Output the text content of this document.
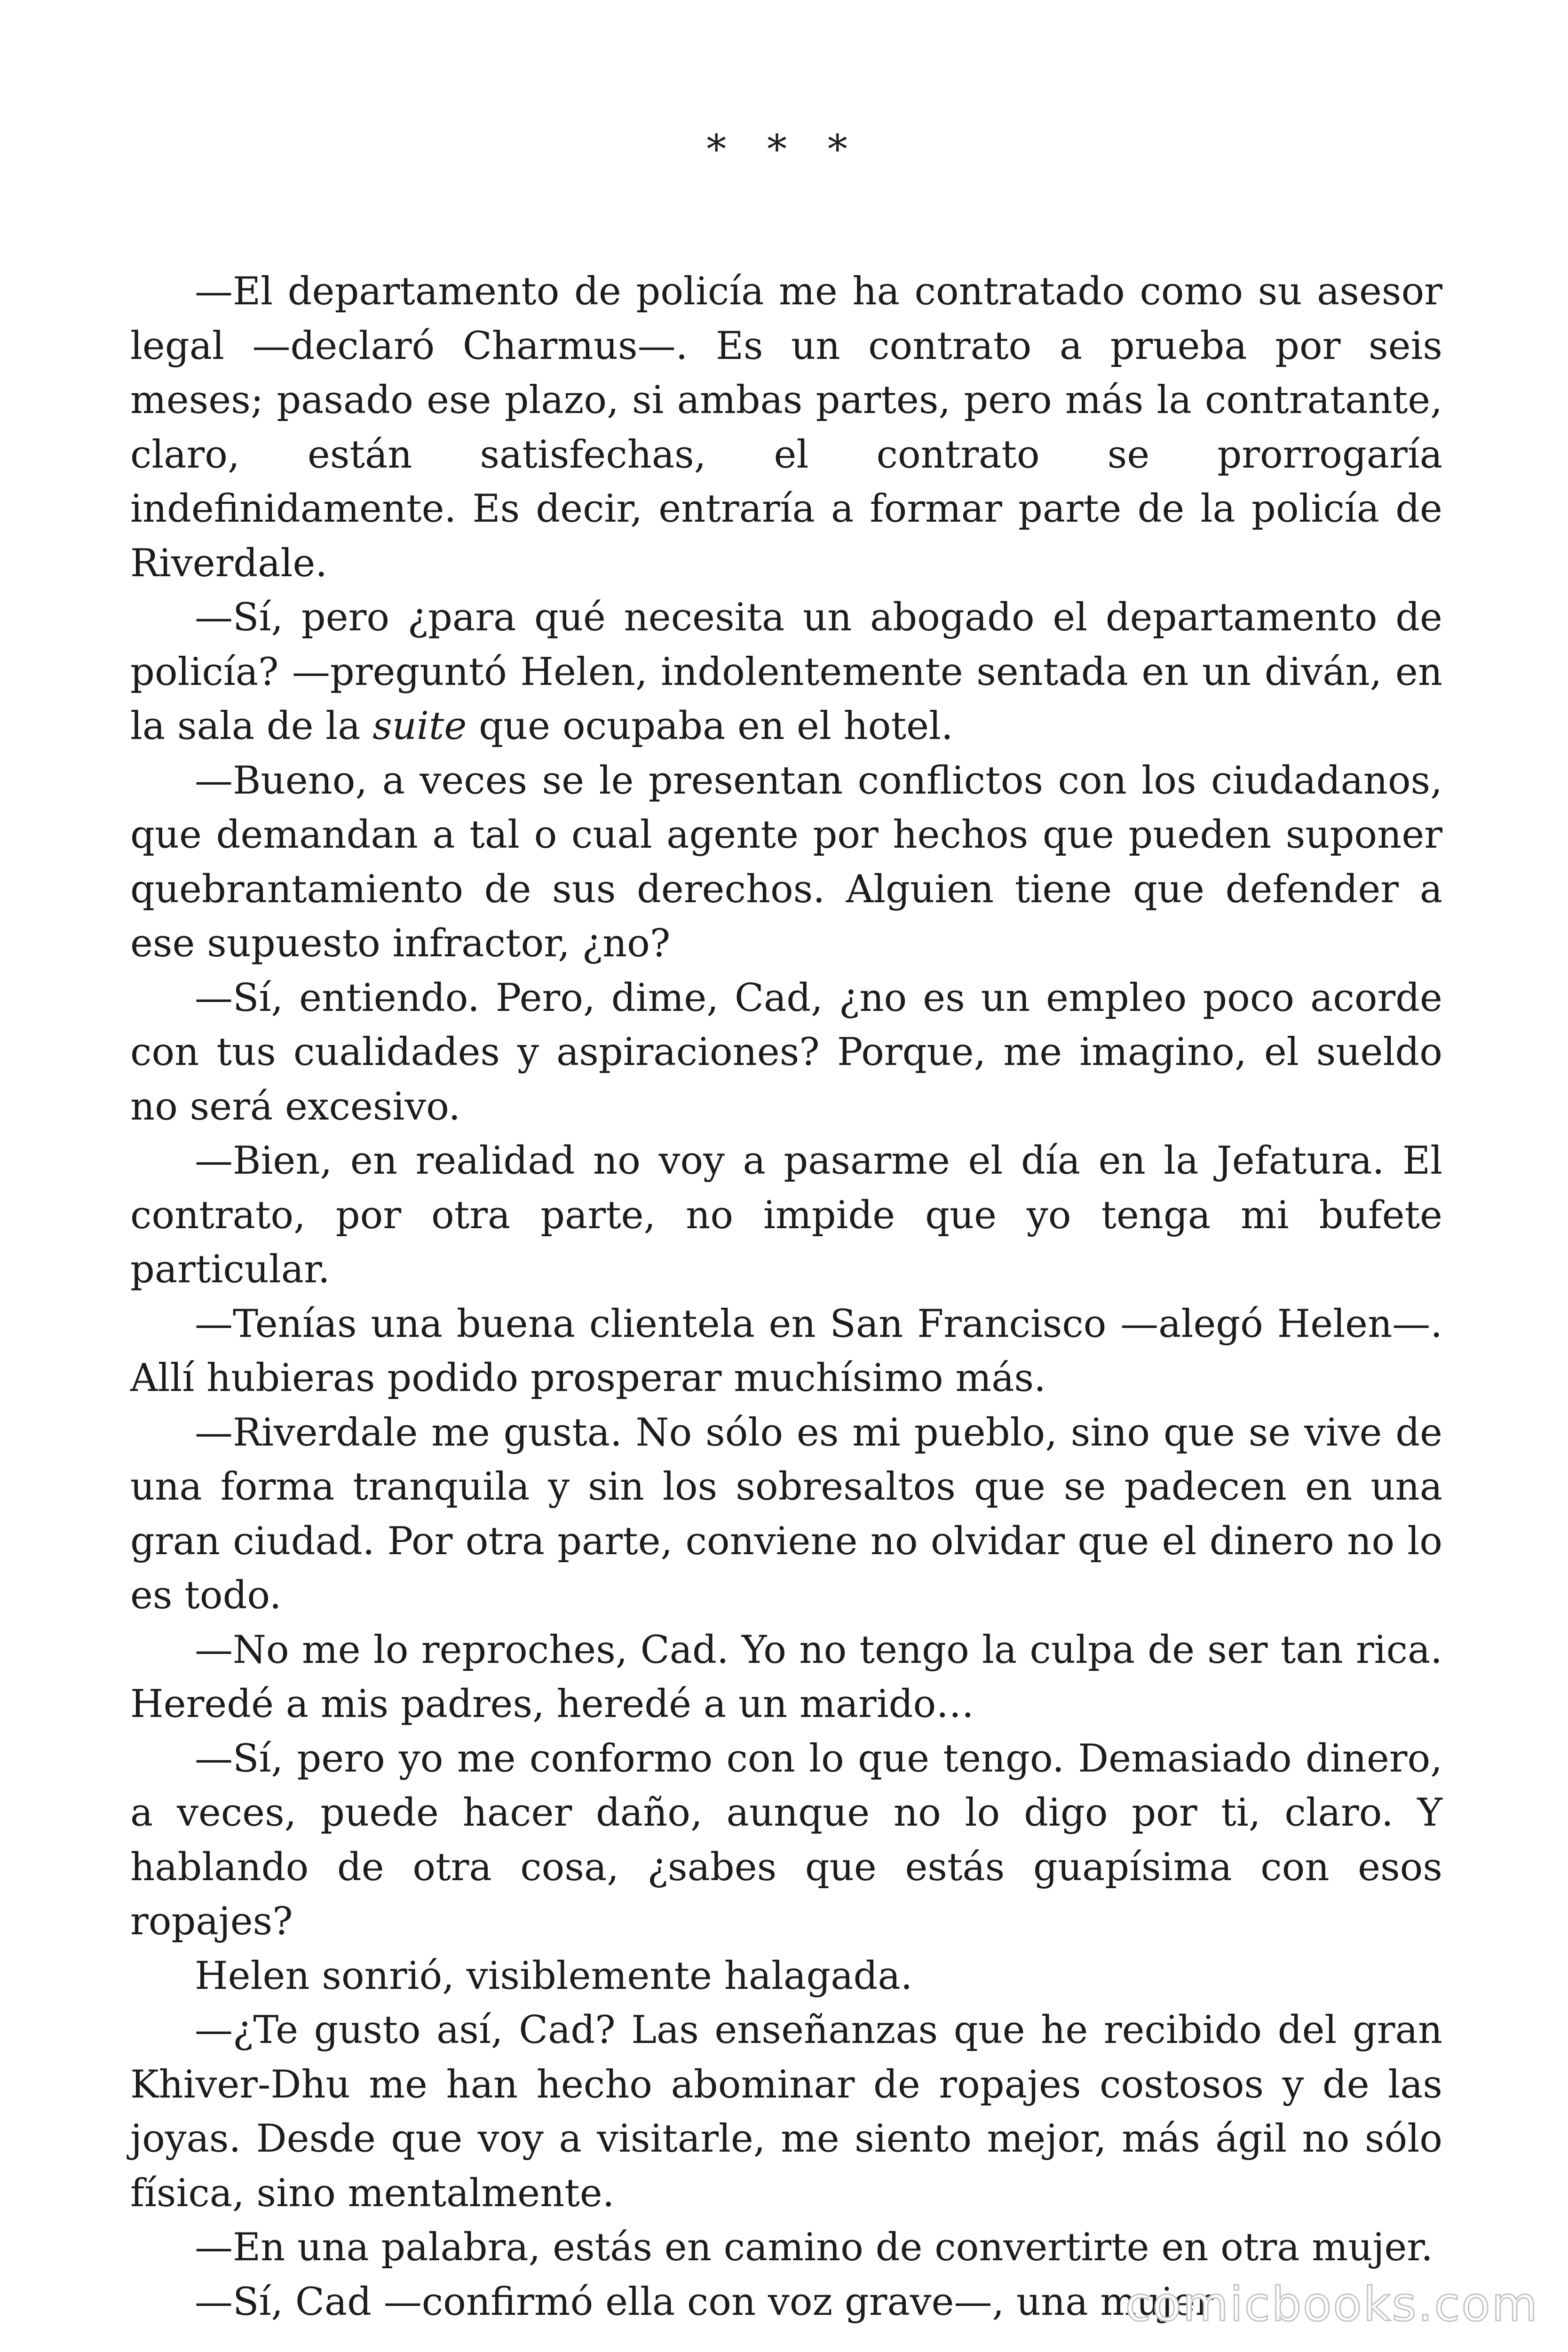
* * *

—El departamento de policía me ha contratado como su asesor legal —declaró Charmus—. Es un contrato a prueba por seis meses; pasado ese plazo, si ambas partes, pero más la contratante, claro, están satisfechas, el contrato se prorrogaría indefinidamente. Es decir, entraría a formar parte de la policía de Riverdale.

—Sí, pero ¿para qué necesita un abogado el departamento de policía? —preguntó Helen, indolentemente sentada en un diván, en la sala de la suite que ocupaba en el hotel.

—Bueno, a veces se le presentan conflictos con los ciudadanos, que demandan a tal o cual agente por hechos que pueden suponer quebrantamiento de sus derechos. Alguien tiene que defender a ese supuesto infractor, ¿no?

—Sí, entiendo. Pero, dime, Cad, ¿no es un empleo poco acorde con tus cualidades y aspiraciones? Porque, me imagino, el sueldo no será excesivo.

—Bien, en realidad no voy a pasarme el día en la Jefatura. El contrato, por otra parte, no impide que yo tenga mi bufete particular.

—Tenías una buena clientela en San Francisco —alegó Helen—. Allí hubieras podido prosperar muchísimo más.

—Riverdale me gusta. No sólo es mi pueblo, sino que se vive de una forma tranquila y sin los sobresaltos que se padecen en una gran ciudad. Por otra parte, conviene no olvidar que el dinero no lo es todo.

—No me lo reproches, Cad. Yo no tengo la culpa de ser tan rica. Heredé a mis padres, heredé a un marido…

—Sí, pero yo me conformo con lo que tengo. Demasiado dinero, a veces, puede hacer daño, aunque no lo digo por ti, claro. Y hablando de otra cosa, ¿sabes que estás guapísima con esos ropajes?

Helen sonrió, visiblemente halagada.

—¿Te gusto así, Cad? Las enseñanzas que he recibido del gran Khiver-Dhu me han hecho abominar de ropajes costosos y de las joyas. Desde que voy a visitarle, me siento mejor, más ágil no sólo física, sino mentalmente.

—En una palabra, estás en camino de convertirte en otra mujer.

—Sí, Cad —confirmó ella con voz grave—, una mujer

comicbooks.com
